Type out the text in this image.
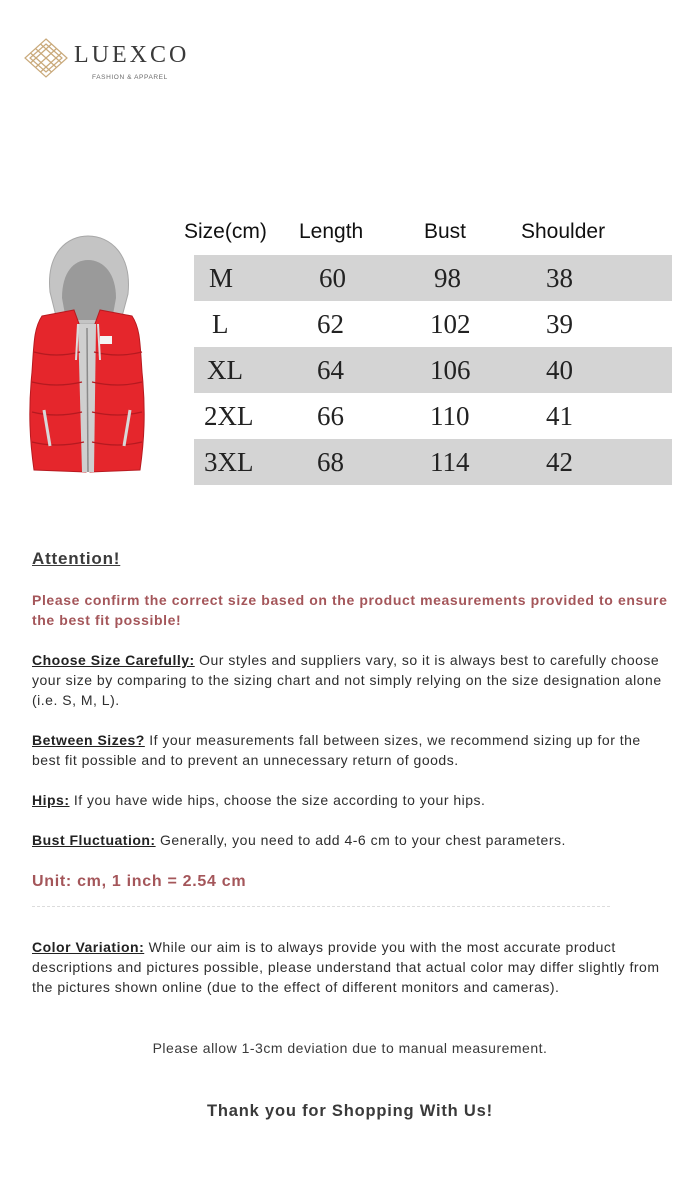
LUEXCO
FASHION & APPAREL
Size(cm) Length	Bust	Shoulder
M	60	98	38
L	62	102	39
XL	64	106	40
2XL 66	110	41
3XL 68	114	42
Attention!
Please confirm the correct size based on the product measurements provided to ensure the best fit possible!
Choose Size Carefully: Our styles and suppliers vary, so it is always best to carefully choose your size by comparing to the sizing chart and not simply relying on the size designation alone (i.e. S, M, L).
Between Sizes? If your measurements fall between sizes, we recommend sizing up for the best fit possible and to prevent an unnecessary return of goods.
Hips: If you have wide hips, choose the size according to your hips.
Bust Fluctuation: Generally, you need to add 4-6 cm to your chest parameters.
Unit: cm, 1 inch = 2.54 cm
Color Variation: While our aim is to always provide you with the most accurate product descriptions and pictures possible, please understand that actual color may differ slightly from the pictures shown online (due to the effect of different monitors and cameras).
Please allow 1-3cm deviation due to manual measurement.
Thank you for Shopping With Us!
